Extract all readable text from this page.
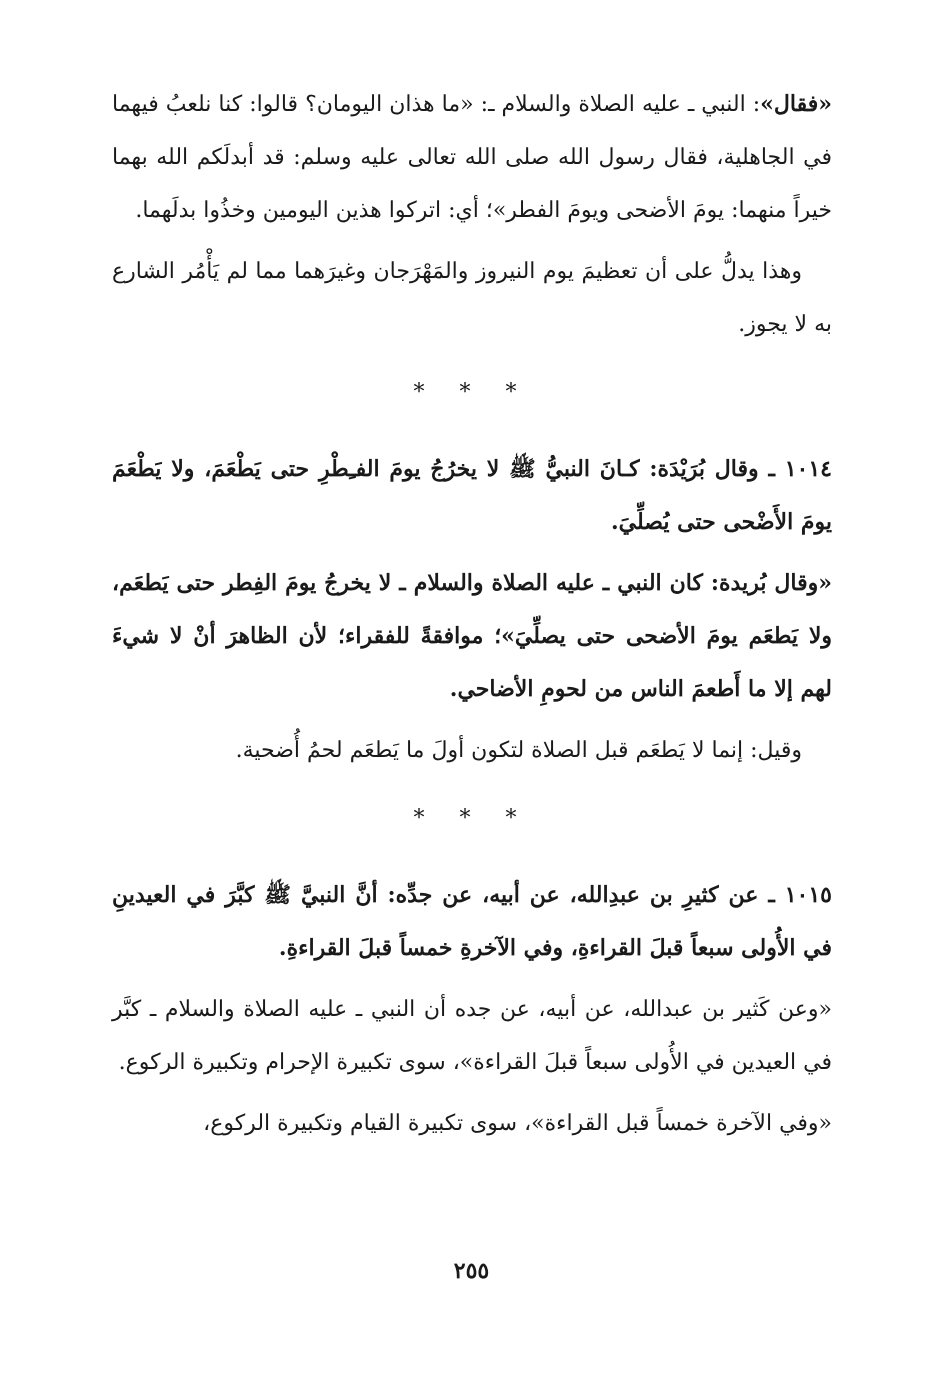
«فقال»: النبي ـ عليه الصلاة والسلام ـ: «ما هذان اليومان؟ قالوا: كنا نلعبُ فيهما في الجاهلية، فقال رسول الله صلى الله تعالى عليه وسلم: قد أبدلَكم الله بهما خيراً منهما: يومَ الأضحى ويومَ الفطر»؛ أي: اتركوا هذين اليومين وخذُوا بدلَهما.

وهذا يدلُّ على أن تعظيمَ يوم النيروز والمَهْرَجان وغيرَهما مما لم يَأْمُر الشارع به لا يجوز.

* * *

١٠١٤ ـ وقال بُرَيْدَة: كـانَ النبيُّ ﷺ لا يخرُجُ يومَ الفـِطْرِ حتى يَطْعَمَ، ولا يَطْعَمَ يومَ الأَضْحى حتى يُصلِّيَ.

«وقال بُريدة: كان النبي ـ عليه الصلاة والسلام ـ لا يخرجُ يومَ الفِطر حتى يَطعَم، ولا يَطعَم يومَ الأضحى حتى يصلِّيَ»؛ موافقةً للفقراء؛ لأن الظاهرَ أنْ لا شيءَ لهم إلا ما أَطعمَ الناس من لحومِ الأضاحي.

وقيل: إنما لا يَطعَم قبل الصلاة لتكون أولَ ما يَطعَم لحمُ أُضحية.

* * *

١٠١٥ ـ عن كثيرِ بن عبدِالله، عن أبيه، عن جدِّه: أنَّ النبيَّ ﷺ كبَّرَ في العيدينِ في الأُولى سبعاً قبلَ القراءةِ، وفي الآخرةِ خمساً قبلَ القراءةِ.

«وعن كَثير بن عبدالله، عن أبيه، عن جده أن النبي ـ عليه الصلاة والسلام ـ كبَّر في العيدين في الأُولى سبعاً قبلَ القراءة»، سوى تكبيرة الإحرام وتكبيرة الركوع.

«وفي الآخرة خمساً قبل القراءة»، سوى تكبيرة القيام وتكبيرة الركوع،

٢٥٥
